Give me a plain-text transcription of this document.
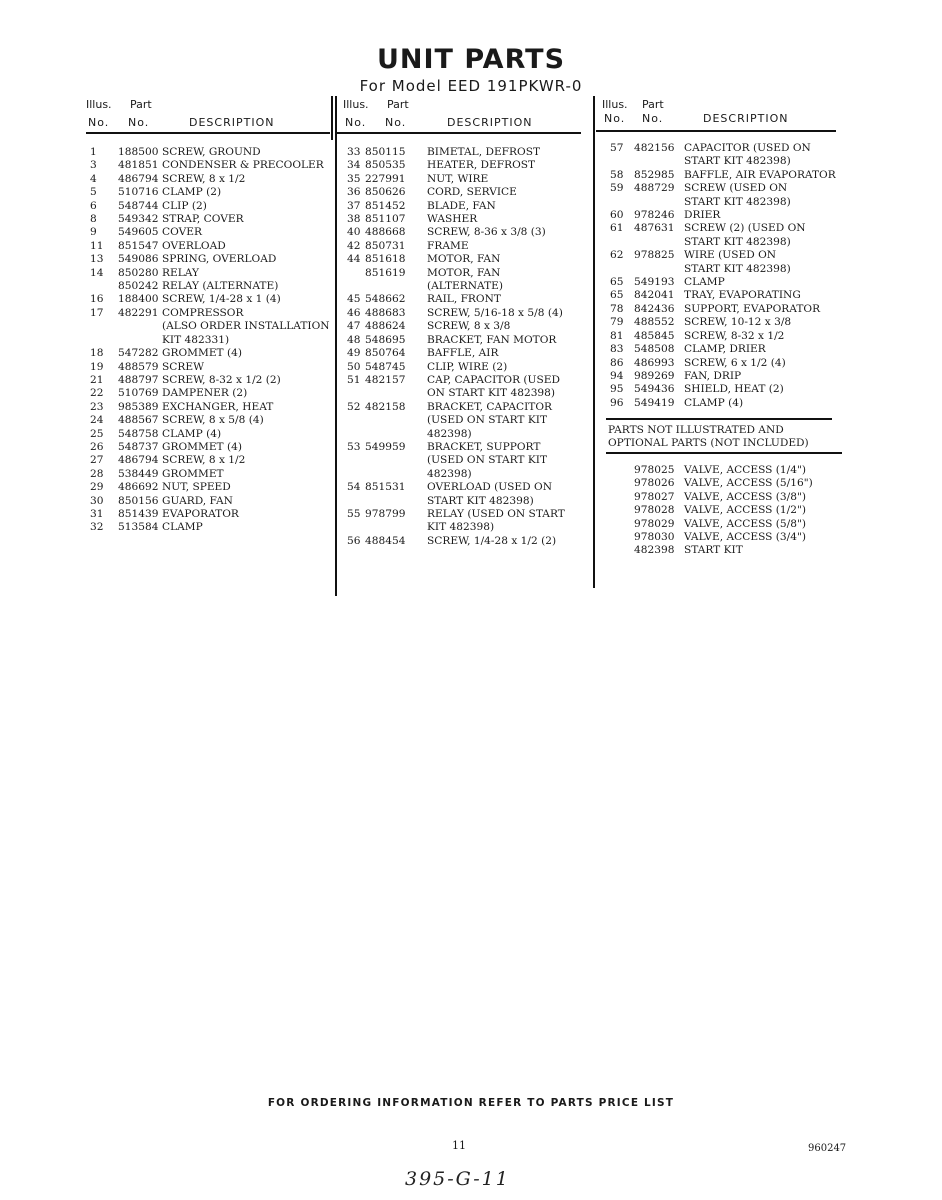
UNIT PARTS
For Model EED 191PKWR-0
Illus. Part
No. No.	DESCRIPTION
1 188500 SCREW, GROUND
3 481851 CONDENSER & PRECOOLER
4 486794 SCREW, 8 x 1/2
5 510716 CLAMP (2)
6 548744 CLIP (2)
8 549342 STRAP, COVER
9 549605 COVER
11 851547 OVERLOAD
13 549086 SPRING, OVERLOAD
14 850280 RELAY
850242 RELAY (ALTERNATE)
16 188400 SCREW, 1/4-28 x 1 (4)
17 482291 COMPRESSOR
(ALSO ORDER INSTALLATION
KIT 482331)
18 547282 GROMMET (4)
19 488579 SCREW
21 488797 SCREW, 8-32 x 1/2 (2)
22 510769 DAMPENER (2)
23 985389 EXCHANGER, HEAT
24 488567 SCREW, 8 x 5/8 (4)
25 548758 CLAMP (4)
26 548737 GROMMET (4)
27 486794 SCREW, 8 x 1/2
28 538449 GROMMET
29 486692 NUT, SPEED
30 850156 GUARD, FAN
31 851439 EVAPORATOR
32 513584 CLAMP
Illus. Part
No. No.	DESCRIPTION
33 850115 BIMETAL, DEFROST
34 850535 HEATER, DEFROST
35 227991 NUT, WIRE
36 850626 CORD, SERVICE
37 851452 BLADE, FAN
38 851107 WASHER
40 488668 SCREW, 8-36 x 3/8 (3)
42 850731 FRAME
44 851618 MOTOR, FAN
851619 MOTOR, FAN
(ALTERNATE)
45 548662 RAIL, FRONT
46 488683 SCREW, 5/16-18 x 5/8 (4)
47 488624 SCREW, 8 x 3/8
48 548695 BRACKET, FAN MOTOR
49 850764 BAFFLE, AIR
50 548745 CLIP, WIRE (2)
51 482157 CAP, CAPACITOR (USED
ON START KIT 482398)
52 482158 BRACKET, CAPACITOR
(USED ON START KIT
482398)
53 549959 BRACKET, SUPPORT
(USED ON START KIT
482398)
54 851531 OVERLOAD (USED ON
START KIT 482398)
55 978799 RELAY (USED ON START
KIT 482398)
56 488454 SCREW, 1/4-28 x 1/2 (2)
Illus. Part
No. No.	DESCRIPTION
57 482156 CAPACITOR (USED ON
START KIT 482398)
58 852985 BAFFLE, AIR EVAPORATOR
59 488729 SCREW (USED ON
START KIT 482398)
60 978246 DRIER
61 487631 SCREW (2) (USED ON
START KIT 482398)
62 978825 WIRE (USED ON
START KIT 482398)
65 549193 CLAMP
65 842041 TRAY, EVAPORATING
78 842436 SUPPORT, EVAPORATOR
79 488552 SCREW, 10-12 x 3/8
81 485845 SCREW, 8-32 x 1/2
83 548508 CLAMP, DRIER
86 486993 SCREW, 6 x 1/2 (4)
94 989269 FAN, DRIP
95 549436 SHIELD, HEAT (2)
96 549419 CLAMP (4)
PARTS NOT ILLUSTRATED AND
OPTIONAL PARTS (NOT INCLUDED)
978025 VALVE, ACCESS (1/4")
978026 VALVE, ACCESS (5/16")
978027 VALVE, ACCESS (3/8")
978028 VALVE, ACCESS (1/2")
978029 VALVE, ACCESS (5/8")
978030 VALVE, ACCESS (3/4")
482398 START KIT
FOR ORDERING INFORMATION REFER TO PARTS PRICE LIST
11	960247
395-G-11
